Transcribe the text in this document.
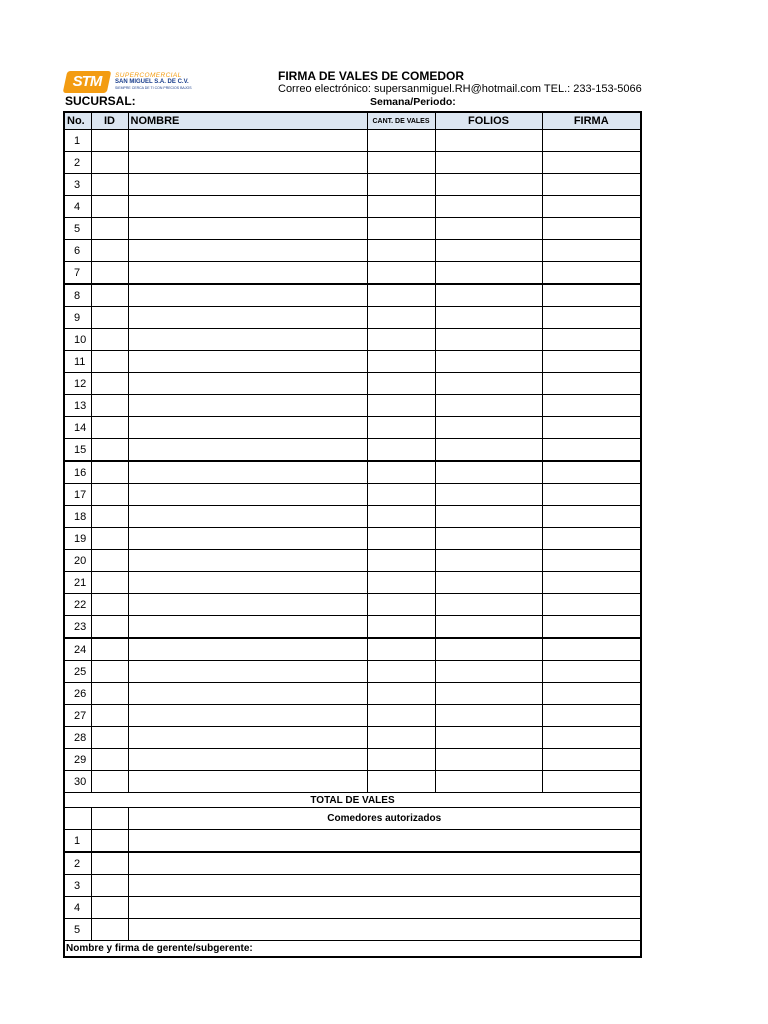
STM	SUPERCOMERCIAL
SAN MIGUEL S.A. DE C.V.
SIEMPRE CERCA DE TI CON PRECIOS BAJOS
FIRMA DE VALES DE COMEDOR
Correo electrónico: supersanmiguel.RH@hotmail.com TEL.: 233-153-5066
SUCURSAL:	Semana/Periodo:
No.	ID	NOMBRE	CANT. DE VALES	FOLIOS	FIRMA
1					
2					
3					
4					
5					
6					
7					
8					
9					
10					
11					
12					
13					
14					
15					
16					
17					
18					
19					
20					
21					
22					
23					
24					
25					
26					
27					
28					
29					
30					
TOTAL DE VALES					
		Comedores autorizados			
1					
2					
3					
4					
5					
Nombre y firma de gerente/subgerente:					
